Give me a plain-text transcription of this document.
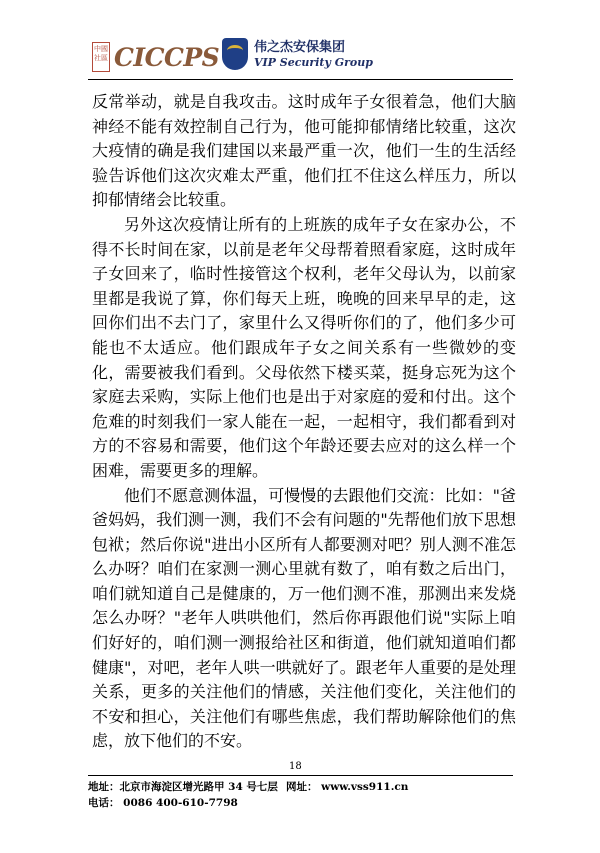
中國 社區 CICCPS	伟之杰安保集团
VIP Security Group

反常举动，就是自我攻击。这时成年子女很着急，他们大脑神经不能有效控制自己行为，他可能抑郁情绪比较重，这次大疫情的确是我们建国以来最严重一次，他们一生的生活经验告诉他们这次灾难太严重，他们扛不住这么样压力，所以抑郁情绪会比较重。

另外这次疫情让所有的上班族的成年子女在家办公，不得不长时间在家，以前是老年父母帮着照看家庭，这时成年子女回来了，临时性接管这个权利，老年父母认为，以前家里都是我说了算，你们每天上班，晚晚的回来早早的走，这回你们出不去门了，家里什么又得听你们的了，他们多少可能也不太适应。他们跟成年子女之间关系有一些微妙的变化，需要被我们看到。父母依然下楼买菜，挺身忘死为这个家庭去采购，实际上他们也是出于对家庭的爱和付出。这个危难的时刻我们一家人能在一起，一起相守，我们都看到对方的不容易和需要，他们这个年龄还要去应对的这么样一个困难，需要更多的理解。

他们不愿意测体温，可慢慢的去跟他们交流：比如："爸爸妈妈，我们测一测，我们不会有问题的"先帮他们放下思想包袱；然后你说"进出小区所有人都要测对吧？别人测不准怎么办呀？咱们在家测一测心里就有数了，咱有数之后出门，咱们就知道自己是健康的，万一他们测不准，那测出来发烧怎么办呀？"老年人哄哄他们，然后你再跟他们说"实际上咱们好好的，咱们测一测报给社区和街道，他们就知道咱们都健康"，对吧，老年人哄一哄就好了。跟老年人重要的是处理关系，更多的关注他们的情感，关注他们变化，关注他们的不安和担心，关注他们有哪些焦虑，我们帮助解除他们的焦虑，放下他们的不安。

18
地址：北京市海淀区增光路甲 34 号七层 网址： www.vss911.cn
电话： 0086 400-610-7798
